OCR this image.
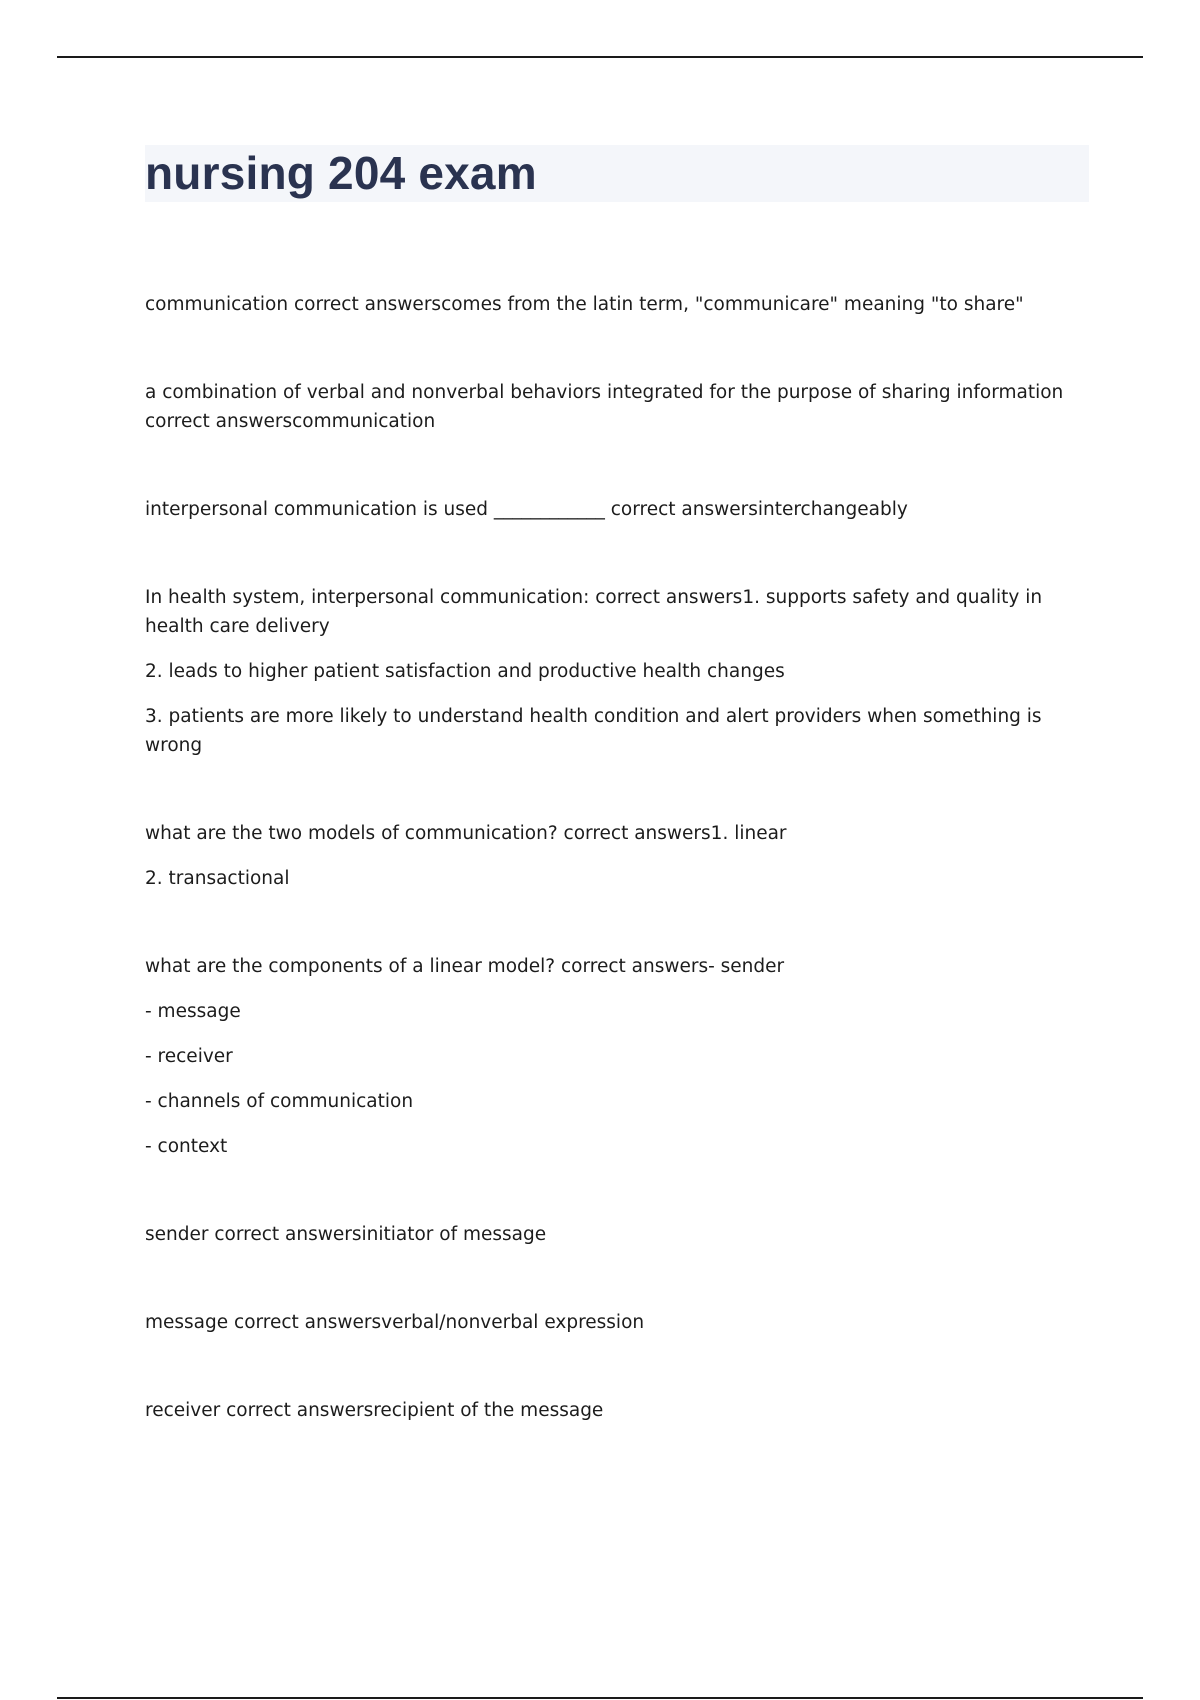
nursing 204 exam

communication correct answerscomes from the latin term, "communicare" meaning "to share"

a combination of verbal and nonverbal behaviors integrated for the purpose of sharing information correct answerscommunication

interpersonal communication is used ____________ correct answersinterchangeably

In health system, interpersonal communication: correct answers1. supports safety and quality in health care delivery

2. leads to higher patient satisfaction and productive health changes

3. patients are more likely to understand health condition and alert providers when something is wrong

what are the two models of communication? correct answers1. linear

2. transactional

what are the components of a linear model? correct answers- sender

- message

- receiver

- channels of communication

- context

sender correct answersinitiator of message

message correct answersverbal/nonverbal expression

receiver correct answersrecipient of the message
